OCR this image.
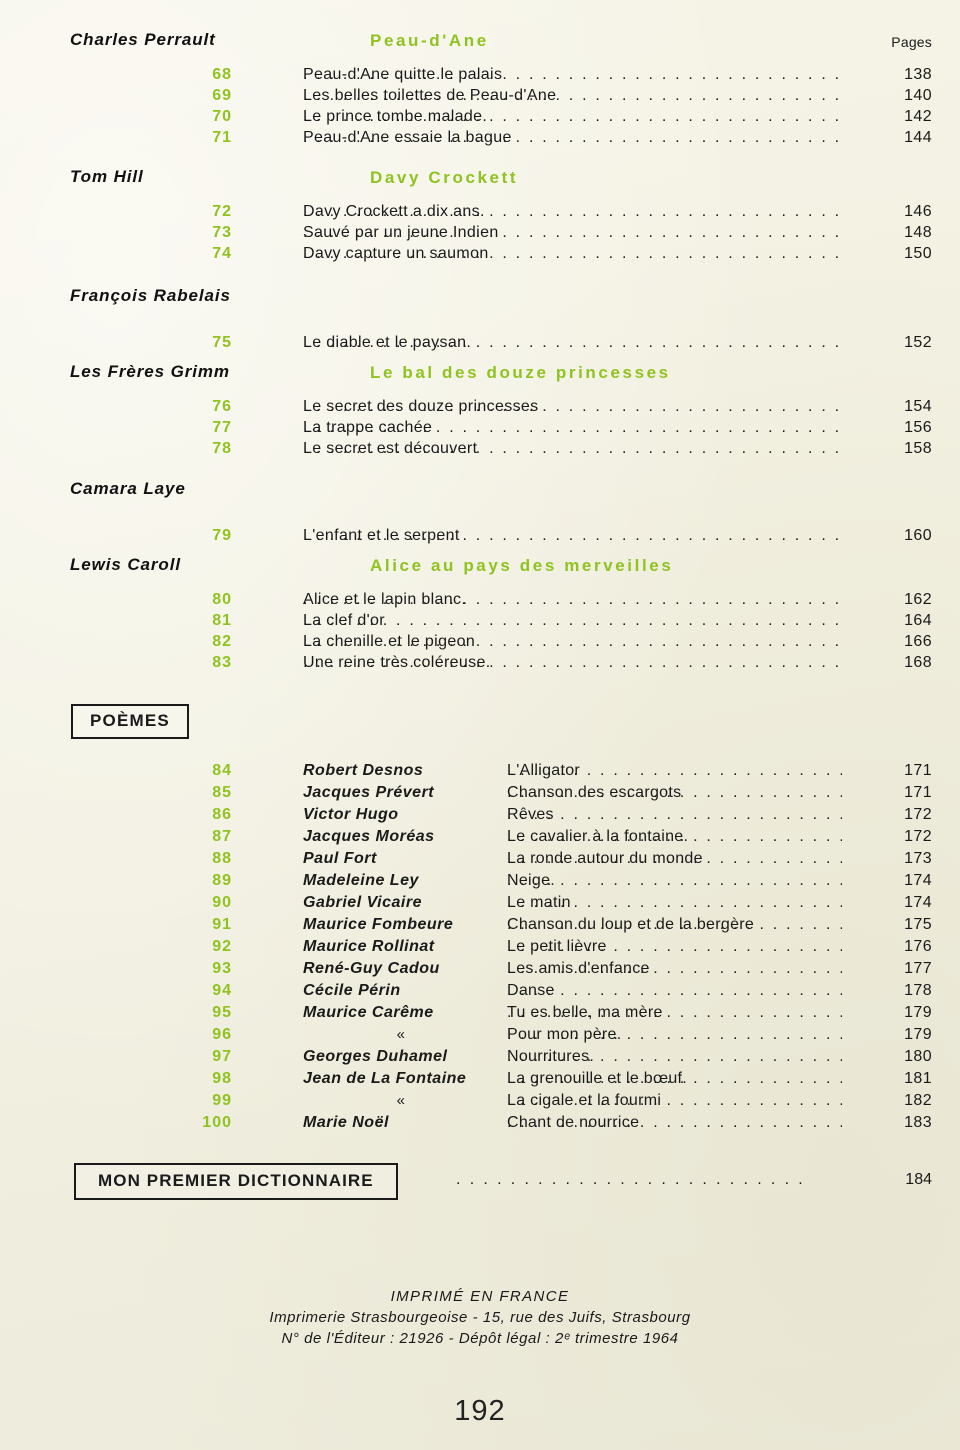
Pages
Charles Perrault	Peau-d'Ane
68 . . .	Peau-d'Ane quitte le palais	138
69 . . .	Les belles toilettes de Peau-d'Ane	140
70 . . .	Le prince tombe malade.	142
71 . . .	Peau-d'Ane essaie la bague	144
Tom Hill	Davy Crockett
72 . . .	Davy Crockett a dix ans.	146
73 . . .	Sauvé par un jeune Indien	148
74 . . .	Davy capture un saumon	150
François Rabelais
75 . . .	Le diable et le paysan.	152
Les Frères Grimm	Le bal des douze princesses
76 . . .	Le secret des douze princesses	154
77 . . .	La trappe cachée	156
78 . . .	Le secret est découvert	158
Camara Laye
79 . . .	L'enfant et le serpent	160
Lewis Caroll	Alice au pays des merveilles
80 . . .	Alice et le lapin blanc.	162
81 . . .	La clef d'or	164
82 . . .	La chenille et le pigeon	166
83 . . .	Une reine très coléreuse.	168
POÈMES
84	Robert Desnos . . .	L'Alligator	171
85	Jacques Prévert . . .	Chanson des escargots	171
86	Victor Hugo . . .	Rêves	172
87	Jacques Moréas . . .	Le cavalier à la fontaine.	172
88	Paul Fort . . .	La ronde autour du monde	173
89	Madeleine Ley . . .	Neige.	174
90	Gabriel Vicaire . . .	Le matin	174
91	Maurice Fombeure . . .	Chanson du loup et de la bergère	175
92	Maurice Rollinat . . .	Le petit lièvre	176
93	René-Guy Cadou . . .	Les amis d'enfance	177
94	Cécile Périn . . .	Danse	178
95	Maurice Carême . . .	Tu es belle, ma mère	179
96	« . . .	Pour mon père.	179
97	Georges Duhamel . . .	Nourritures.	180
98	Jean de La Fontaine . . .	La grenouille et le bœuf.	181
99	« . . .	La cigale et la fourmi	182
100	Marie Noël . . .	Chant de nourrice	183
MON PREMIER DICTIONNAIRE . . .	184
IMPRIMÉ EN FRANCE
Imprimerie Strasbourgeoise - 15, rue des Juifs, Strasbourg
N° de l'Éditeur : 21926 - Dépôt légal : 2ᵉ trimestre 1964
192
